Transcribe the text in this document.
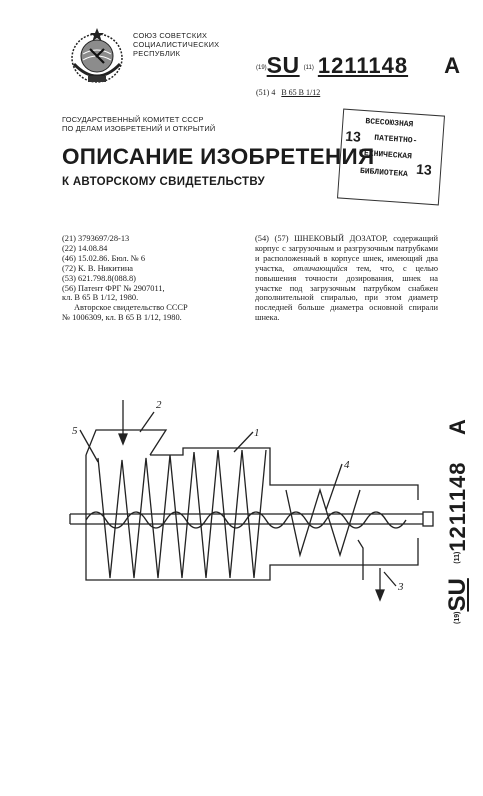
СОЮЗ СОВЕТСКИХ
СОЦИАЛИСТИЧЕСКИХ
РЕСПУБЛИК
$^{(19)}$SU $^{(11)}$ 1211148 A
(51) 4 B 65 B 1/12
ГОСУДАРСТВЕННЫЙ КОМИТЕТ СССР
ПО ДЕЛАМ ИЗОБРЕТЕНИЙ И ОТКРЫТИЙ
ОПИСАНИЕ ИЗОБРЕТЕНИЯ
К АВТОРСКОМУ СВИДЕТЕЛЬСТВУ
ВСЕСОЮЗНАЯ
ПАТЕНТНО-
ТЕХНИЧЕСКАЯ
БИБЛИОТЕКА
13
13
(21) 3793697/28-13
(22) 14.08.84
(46) 15.02.86. Бюл. № 6
(72) К. В. Никитина
(53) 621.798.8(088.8)
(56) Патент ФРГ № 2907011,
кл. B 65 B 1/12, 1980.
Авторское свидетельство СССР
№ 1006309, кл. B 65 B 1/12, 1980.
(54) (57) ШНЕКОВЫЙ ДОЗАТОР, содержащий корпус с загрузочным и разгрузочным патрубками и расположенный в корпусе шнек, имеющий два участка, отличающийся тем, что, с целью повышения точности дозирования, шнек на участке под загрузочным патрубком снабжен дополнительной спиралью, при этом диаметр последней больше диаметра основной спирали шнека.
2
5	1
4
3
$^{(19)}$SU $^{(11)}$1211148 A
